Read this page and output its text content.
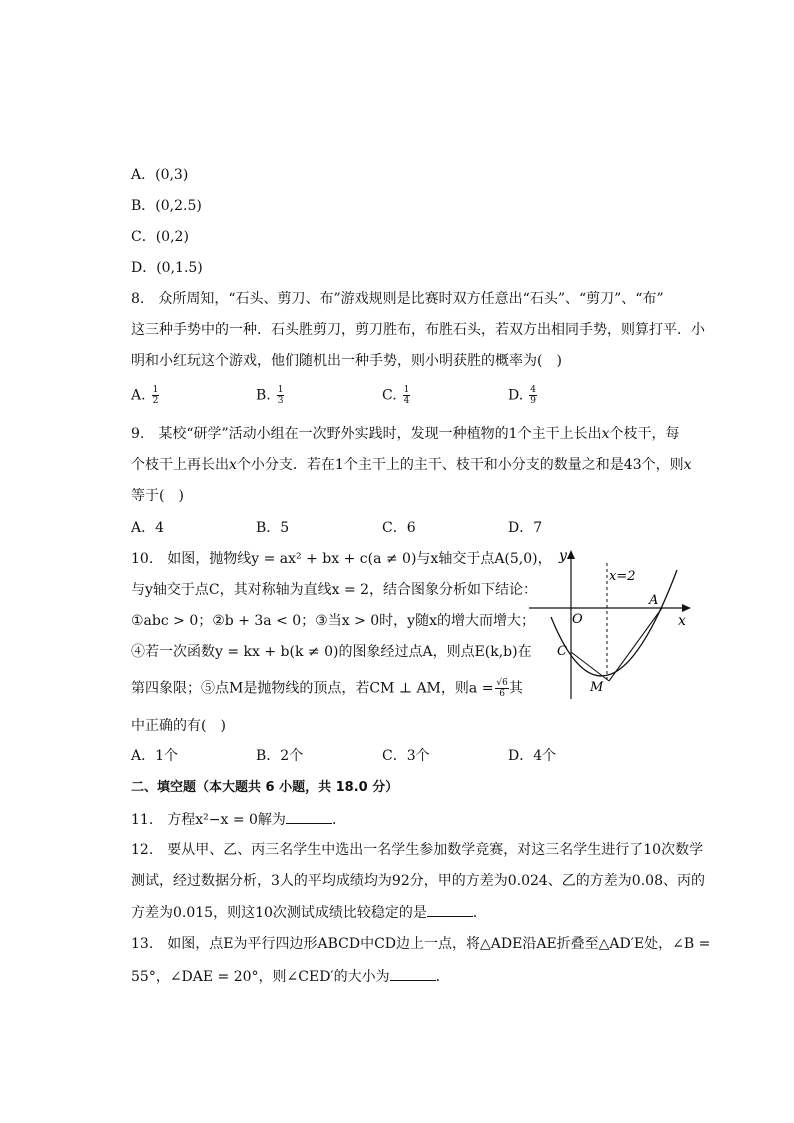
A．(0,3)
B．(0,2.5)
C．(0,2)
D．(0,1.5)
8.　众所周知，“石头、剪刀、布”游戏规则是比赛时双方任意出“石头”、“剪刀”、“布”
这三种手势中的一种．石头胜剪刀，剪刀胜布，布胜石头，若双方出相同手势，则算打平．小
明和小红玩这个游戏，他们随机出一种手势，则小明获胜的概率为(　)
A. $\frac{1}{2}$	B. $\frac{1}{3}$	C. $\frac{1}{4}$	D. $\frac{4}{9}$
9.　某校“研学”活动小组在一次野外实践时，发现一种植物的1个主干上长出x个枝干，每
个枝干上再长出x个小分支．若在1个主干上的主干、枝干和小分支的数量之和是43个，则x
等于(　)
A．4	B．5	C．6	D．7
10.　如图，抛物线y = ax² + bx + c(a ≠ 0)与x轴交于点A(5,0)，
与y轴交于点C，其对称轴为直线x = 2，结合图象分析如下结论：
①abc > 0；②b + 3a < 0；③当x > 0时，y随x的增大而增大；
④若一次函数y = kx + b(k ≠ 0)的图象经过点A，则点E(k,b)在
第四象限；⑤点M是抛物线的顶点，若CM ⊥ AM，则$a = \frac{√6}{6}$ 其
中正确的有(　)
A．1个	B．2个	C．3个	D．4个
y
x
x=2
A
O
C
M
二、填空题（本大题共 6 小题，共 18.0 分）
11.　方程x²−x = 0解为	．
12.　要从甲、乙、丙三名学生中选出一名学生参加数学竞赛，对这三名学生进行了10次数学
测试，经过数据分析，3人的平均成绩均为92分，甲的方差为0.024、乙的方差为0.08、丙的
方差为0.015，则这10次测试成绩比较稳定的是	．
13.　如图，点E为平行四边形ABCD中CD边上一点，将△ADE沿AE折叠至△AD′E处，∠B =
55°，∠DAE = 20°，则∠CED′的大小为	．
